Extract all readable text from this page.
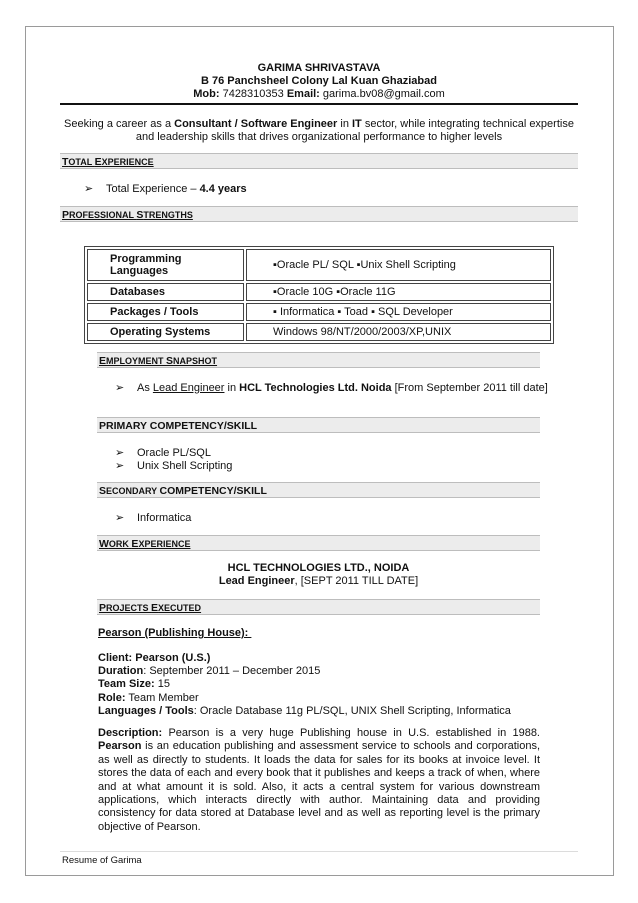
GARIMA SHRIVASTAVA
B 76 Panchsheel Colony Lal Kuan Ghaziabad
Mob: 7428310353 Email: garima.bv08@gmail.com
Seeking a career as a Consultant / Software Engineer in IT sector, while integrating technical expertise
and leadership skills that drives organizational performance to higher levels
TOTAL EXPERIENCE
➢ Total Experience – 4.4 years
PROFESSIONAL STRENGTHS
Programming
Languages	▪Oracle PL/ SQL ▪Unix Shell Scripting
Databases	▪Oracle 10G ▪Oracle 11G
Packages / Tools	▪ Informatica ▪ Toad ▪ SQL Developer
Operating Systems	Windows 98/NT/2000/2003/XP,UNIX
EMPLOYMENT SNAPSHOT
➢ As Lead Engineer in HCL Technologies Ltd. Noida [From September 2011 till date]
PRIMARY COMPETENCY/SKILL
➢ Oracle PL/SQL
➢ Unix Shell Scripting
SECONDARY COMPETENCY/SKILL
➢ Informatica
WORK EXPERIENCE
HCL TECHNOLOGIES LTD., NOIDA
Lead Engineer, [SEPT 2011 TILL DATE]
PROJECTS EXECUTED
Pearson (Publishing House):
Client: Pearson (U.S.)
Duration: September 2011 – December 2015
Team Size: 15
Role: Team Member
Languages / Tools: Oracle Database 11g PL/SQL, UNIX Shell Scripting, Informatica
Description: Pearson is a very huge Publishing house in U.S. established in 1988. Pearson is an education publishing and assessment service to schools and corporations, as well as directly to students. It loads the data for sales for its books at invoice level. It stores the data of each and every book that it publishes and keeps a track of when, where and at what amount it is sold. Also, it acts a central system for various downstream applications, which interacts directly with author. Maintaining data and providing consistency for data stored at Database level and as well as reporting level is the primary objective of Pearson.
Resume of Garima
